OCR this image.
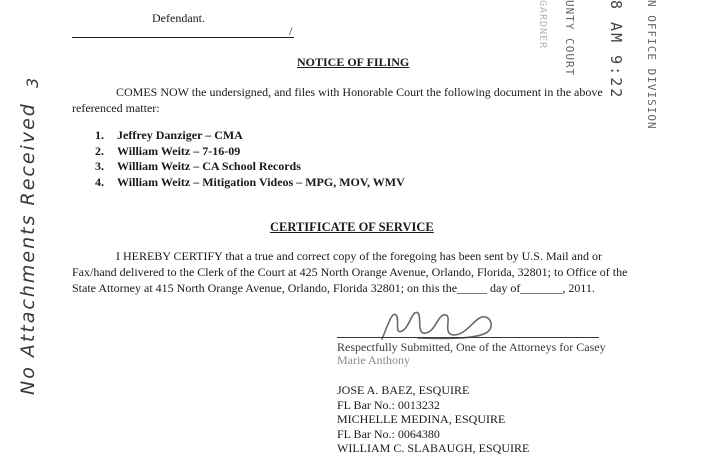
No Attachments Received
3
GARDNER UNTY COURT 8 AM 9:22 N OFFICE DIVISION
Defendant.
/
NOTICE OF FILING
COMES NOW the undersigned, and files with Honorable Court the following document in the above referenced matter:
1. Jeffrey Danziger – CMA
2. William Weitz – 7-16-09
3. William Weitz – CA School Records
4. William Weitz – Mitigation Videos – MPG, MOV, WMV
CERTIFICATE OF SERVICE
I HEREBY CERTIFY that a true and correct copy of the foregoing has been sent by U.S. Mail and or Fax/hand delivered to the Clerk of the Court at 425 North Orange Avenue, Orlando, Florida, 32801; to Office of the State Attorney at 415 North Orange Avenue, Orlando, Florida 32801; on this the_____ day of_______, 2011.
Respectfully Submitted, One of the Attorneys for Casey
Marie Anthony
JOSE A. BAEZ, ESQUIRE
FL Bar No.: 0013232
MICHELLE MEDINA, ESQUIRE
FL Bar No.: 0064380
WILLIAM C. SLABAUGH, ESQUIRE
